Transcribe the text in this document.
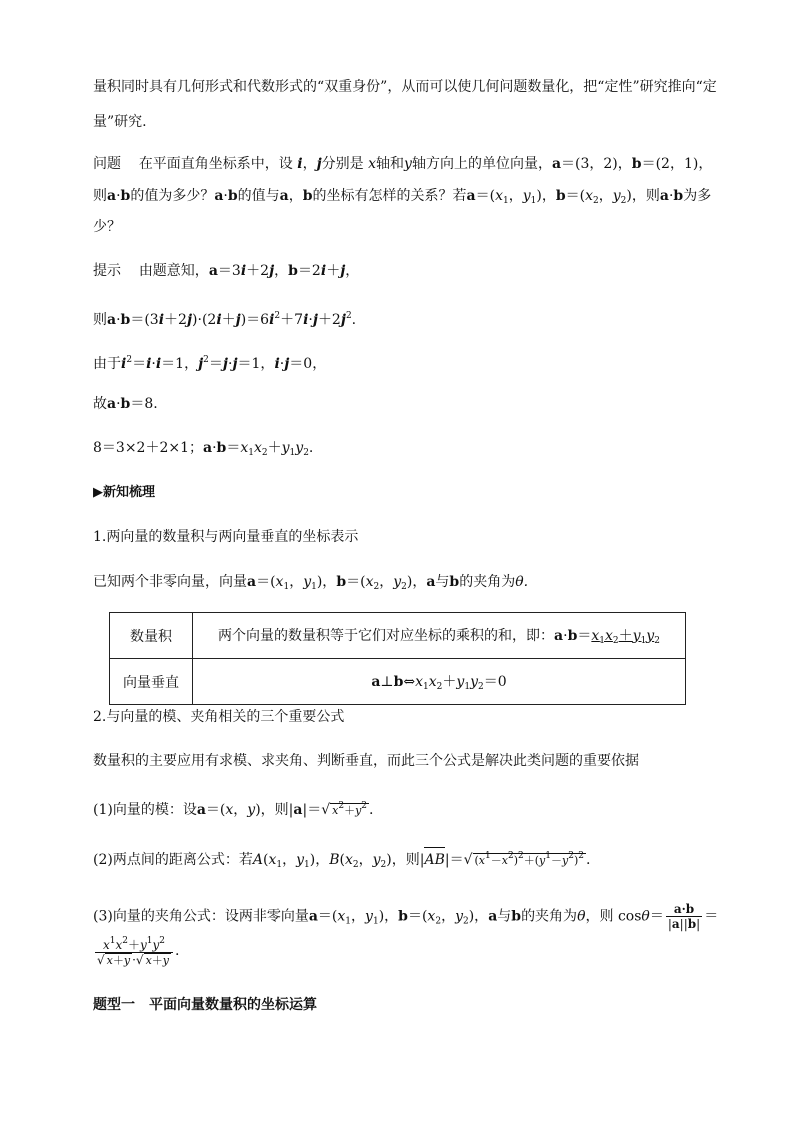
量积同时具有几何形式和代数形式的“双重身份”，从而可以使几何问题数量化，把“定性”研究推向“定
量”研究.
问题 在平面直角坐标系中，设 i，j分别是 x轴和y轴方向上的单位向量，a＝(3，2)，b＝(2，1)，
则a·b的值为多少？a·b的值与a，b的坐标有怎样的关系？若$a=(x_1$，$y_1$)，$b=(x_2$，$y_2$)，则a·b为多
少？
提示 由题意知，a＝3i＋2j，b＝2i＋j，
则$a\cdot b=(3i+2j)\cdot(2i+j)=6i^2+7i\cdot j+2j^2$.
由于$i^2=i\cdot i=1$，$j^2=j\cdot j=1$，i·j＝0，
故a·b＝8.
8＝3×2＋2×1；$a\cdot b=x_1x_2+y_1y_2$.
▶新知梳理
1.两向量的数量积与两向量垂直的坐标表示
已知两个非零向量，向量$a=(x_1$，$y_1$)，$b=(x_2$，$y_2$)，a与b的夹角为θ.
数量积	两个向量的数量积等于它们对应坐标的乘积的和，即：$a\cdot b=x_1x_2+y_1y_2$
向量垂直	$a\perp b\Leftrightarrow x_1x_2+y_1y_2=0$
2.与向量的模、夹角相关的三个重要公式
数量积的主要应用有求模、求夹角、判断垂直，而此三个公式是解决此类问题的重要依据
(1)向量的模：设a＝(x，y)，则|a|＝√ $x^2+y^2$ .
(2)两点间的距离公式：若$A(x_1$，$y_1$)，$B(x_2$，$y_2$)，则|AB|＝√ $(x^1-x^2)^2+(y^1-y^2)^2$ .
(3)向量的夹角公式：设两非零向量$a=(x_1$，$y_1$)，$b=(x_2$，$y_2$)，a与b的夹角为θ，则 $\cos\theta= \frac{a\cdot b}{|a||b|}$ ＝
$\frac{x^1x^2+y^1y^2}{√ x+y \cdot√ x+y}$ .
题型一　平面向量数量积的坐标运算
